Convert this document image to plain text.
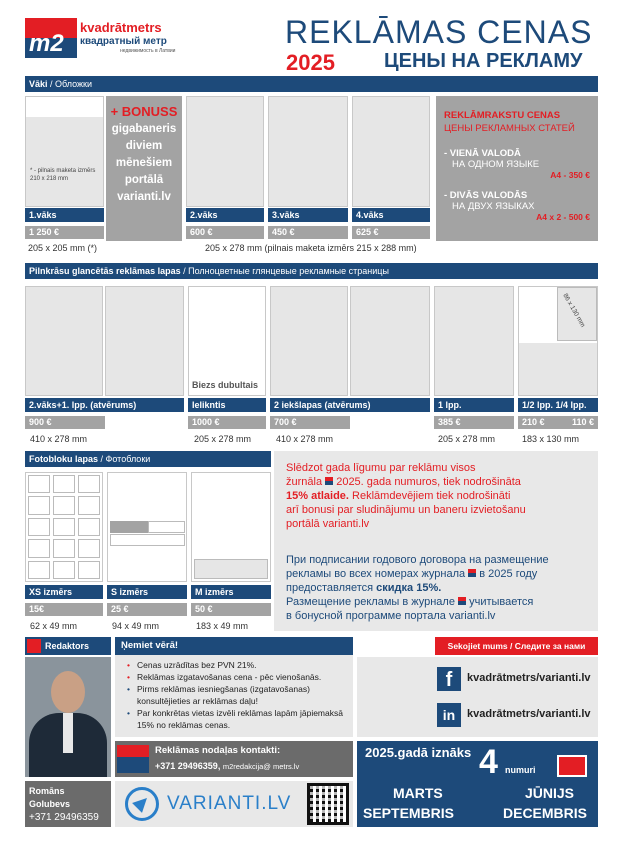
m2
kvadrātmetrs
квадратный метр
недвижимость в Латвии
REKLĀMAS CENAS
2025 ЦЕНЫ НА РЕКЛАМУ
Vāki / Обложки
* - pilnais maketa izmērs 210 x 218 mm
1.vāks
1 250 €
205 x 205 mm (*)
+ BONUSS
gigabaneris diviem mēnešiem portālā varianti.lv
2.vāks	3.vāks	4.vāks
600 €	450 €	625 €
205 x 278 mm (pilnais maketa izmērs 215 x 288 mm)
REKLĀMRAKSTU CENAS
ЦЕНЫ РЕКЛАМНЫХ СТАТЕЙ
- VIENĀ VALODĀ
НА ОДНОМ ЯЗЫКЕ
A4 - 350 €
- DIVĀS VALODĀS
НА ДВУХ ЯЗЫКАХ
A4 x 2 - 500 €
Pilnkrāsu glancētās reklāmas lapas / Полноцветные глянцевые рекламные страницы
Biezs dubultais
86 x 130 mm
2.vāks+1. lpp. (atvērums)	Ielikntis	2 iekšlapas (atvērums)	1 lpp.	1/2 lpp. 1/4 lpp.
900 €	1000 €	700 €	385 €	210 €	110 €
410 x 278 mm	205 x 278 mm	410 x 278 mm	205 x 278 mm	183 x 130 mm
Fotobloku lapas / Фотоблоки
XS izmērs	S izmērs	M izmērs
15€	25 €	50 €
62 x 49 mm	94 x 49 mm	183 x 49 mm
Slēdzot gada līgumu par reklāmu visos
žurnāla 2025. gada numuros, tiek nodrošināta
15% atlaide. Reklāmdevējiem tiek nodrošināti
arī bonusi par sludinājumu un baneru izvietošanu
portālā varianti.lv
При подписании годового договора на размещение
рекламы во всех номерах журнала в 2025 году
предоставляется скидка 15%.
Размещение рекламы в журнале учитывается
в бонусной программе портала varianti.lv
Redaktors
Romāns Golubevs
+371 29496359
m2redakcija@ metrs.lv
Ņemiet vērā!
• Cenas uzrādītas bez PVN 21%.
• Reklāmas izgatavošanas cena - pēc vienošanās.
• Pirms reklāmas iesniegšanas (izgatavošanas) konsultējieties ar reklāmas daļu!
• Par konkrētas vietas izvēli reklāmas lapām jāpiemaksā 15% no reklāmas cenas.
Reklāmas nodaļas kontakti:
+371 29496359, m2redakcija@ metrs.lv
VARIANTI.LV
Sekojiet mums / Следите за нами
f	kvadrātmetrs/varianti.lv
in	kvadrātmetrs/varianti.lv
2025.gadā iznāks 4 numuri
MARTS	JŪNIJS
SEPTEMBRIS	DECEMBRIS
